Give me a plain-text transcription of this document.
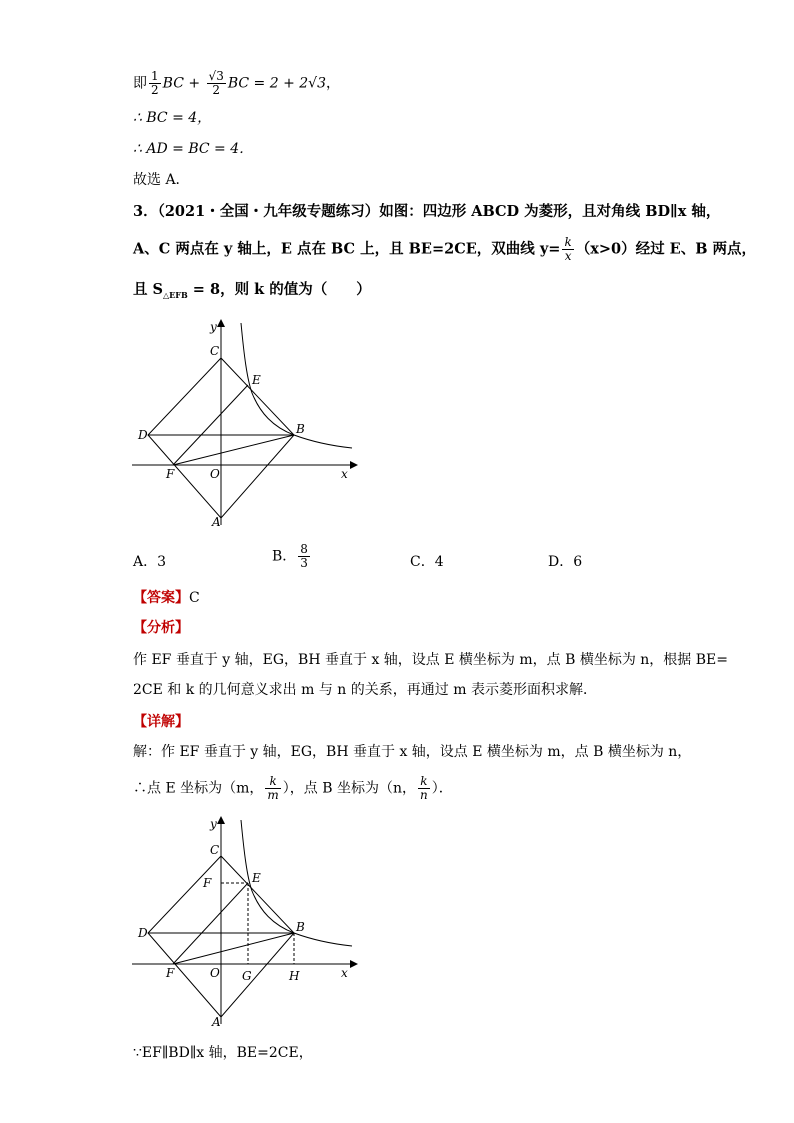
即 $\frac{1}{2}$ BC + $\frac{√3}{2}$ BC = 2 + 2√3，
∴ BC = 4，
∴ AD = BC = 4．
故选 A．
3．（2021・全国・九年级专题练习）如图：四边形 ABCD 为菱形，且对角线 BD∥x 轴，
A、C 两点在 y 轴上，E 点在 BC 上，且 BE=2CE，双曲线 $y= \frac{k}{x} (x>0)$经过 E、B 两点，
且 $S_{\triangle EFB} = 8$，则 k 的值为（　　）
y
x
C
E
D	B
F	O
A
A．3	B． $\frac{8}{3}$	C．4	D．6
【答案】C
【分析】
作 EF 垂直于 y 轴，EG，BH 垂直于 x 轴，设点 E 横坐标为 m，点 B 横坐标为 n，根据 BE=
2CE 和 k 的几何意义求出 m 与 n 的关系，再通过 m 表示菱形面积求解．
【详解】
解：作 EF 垂直于 y 轴，EG，BH 垂直于 x 轴，设点 E 横坐标为 m，点 B 横坐标为 n，
∴点 E 坐标为（m， $\frac{k}{m}$ ），点 B 坐标为（n， $\frac{k}{n}$ ）．
y
x
C
E
F
D	B
F	O G	H
A
∵EF∥BD∥x 轴，BE=2CE，
